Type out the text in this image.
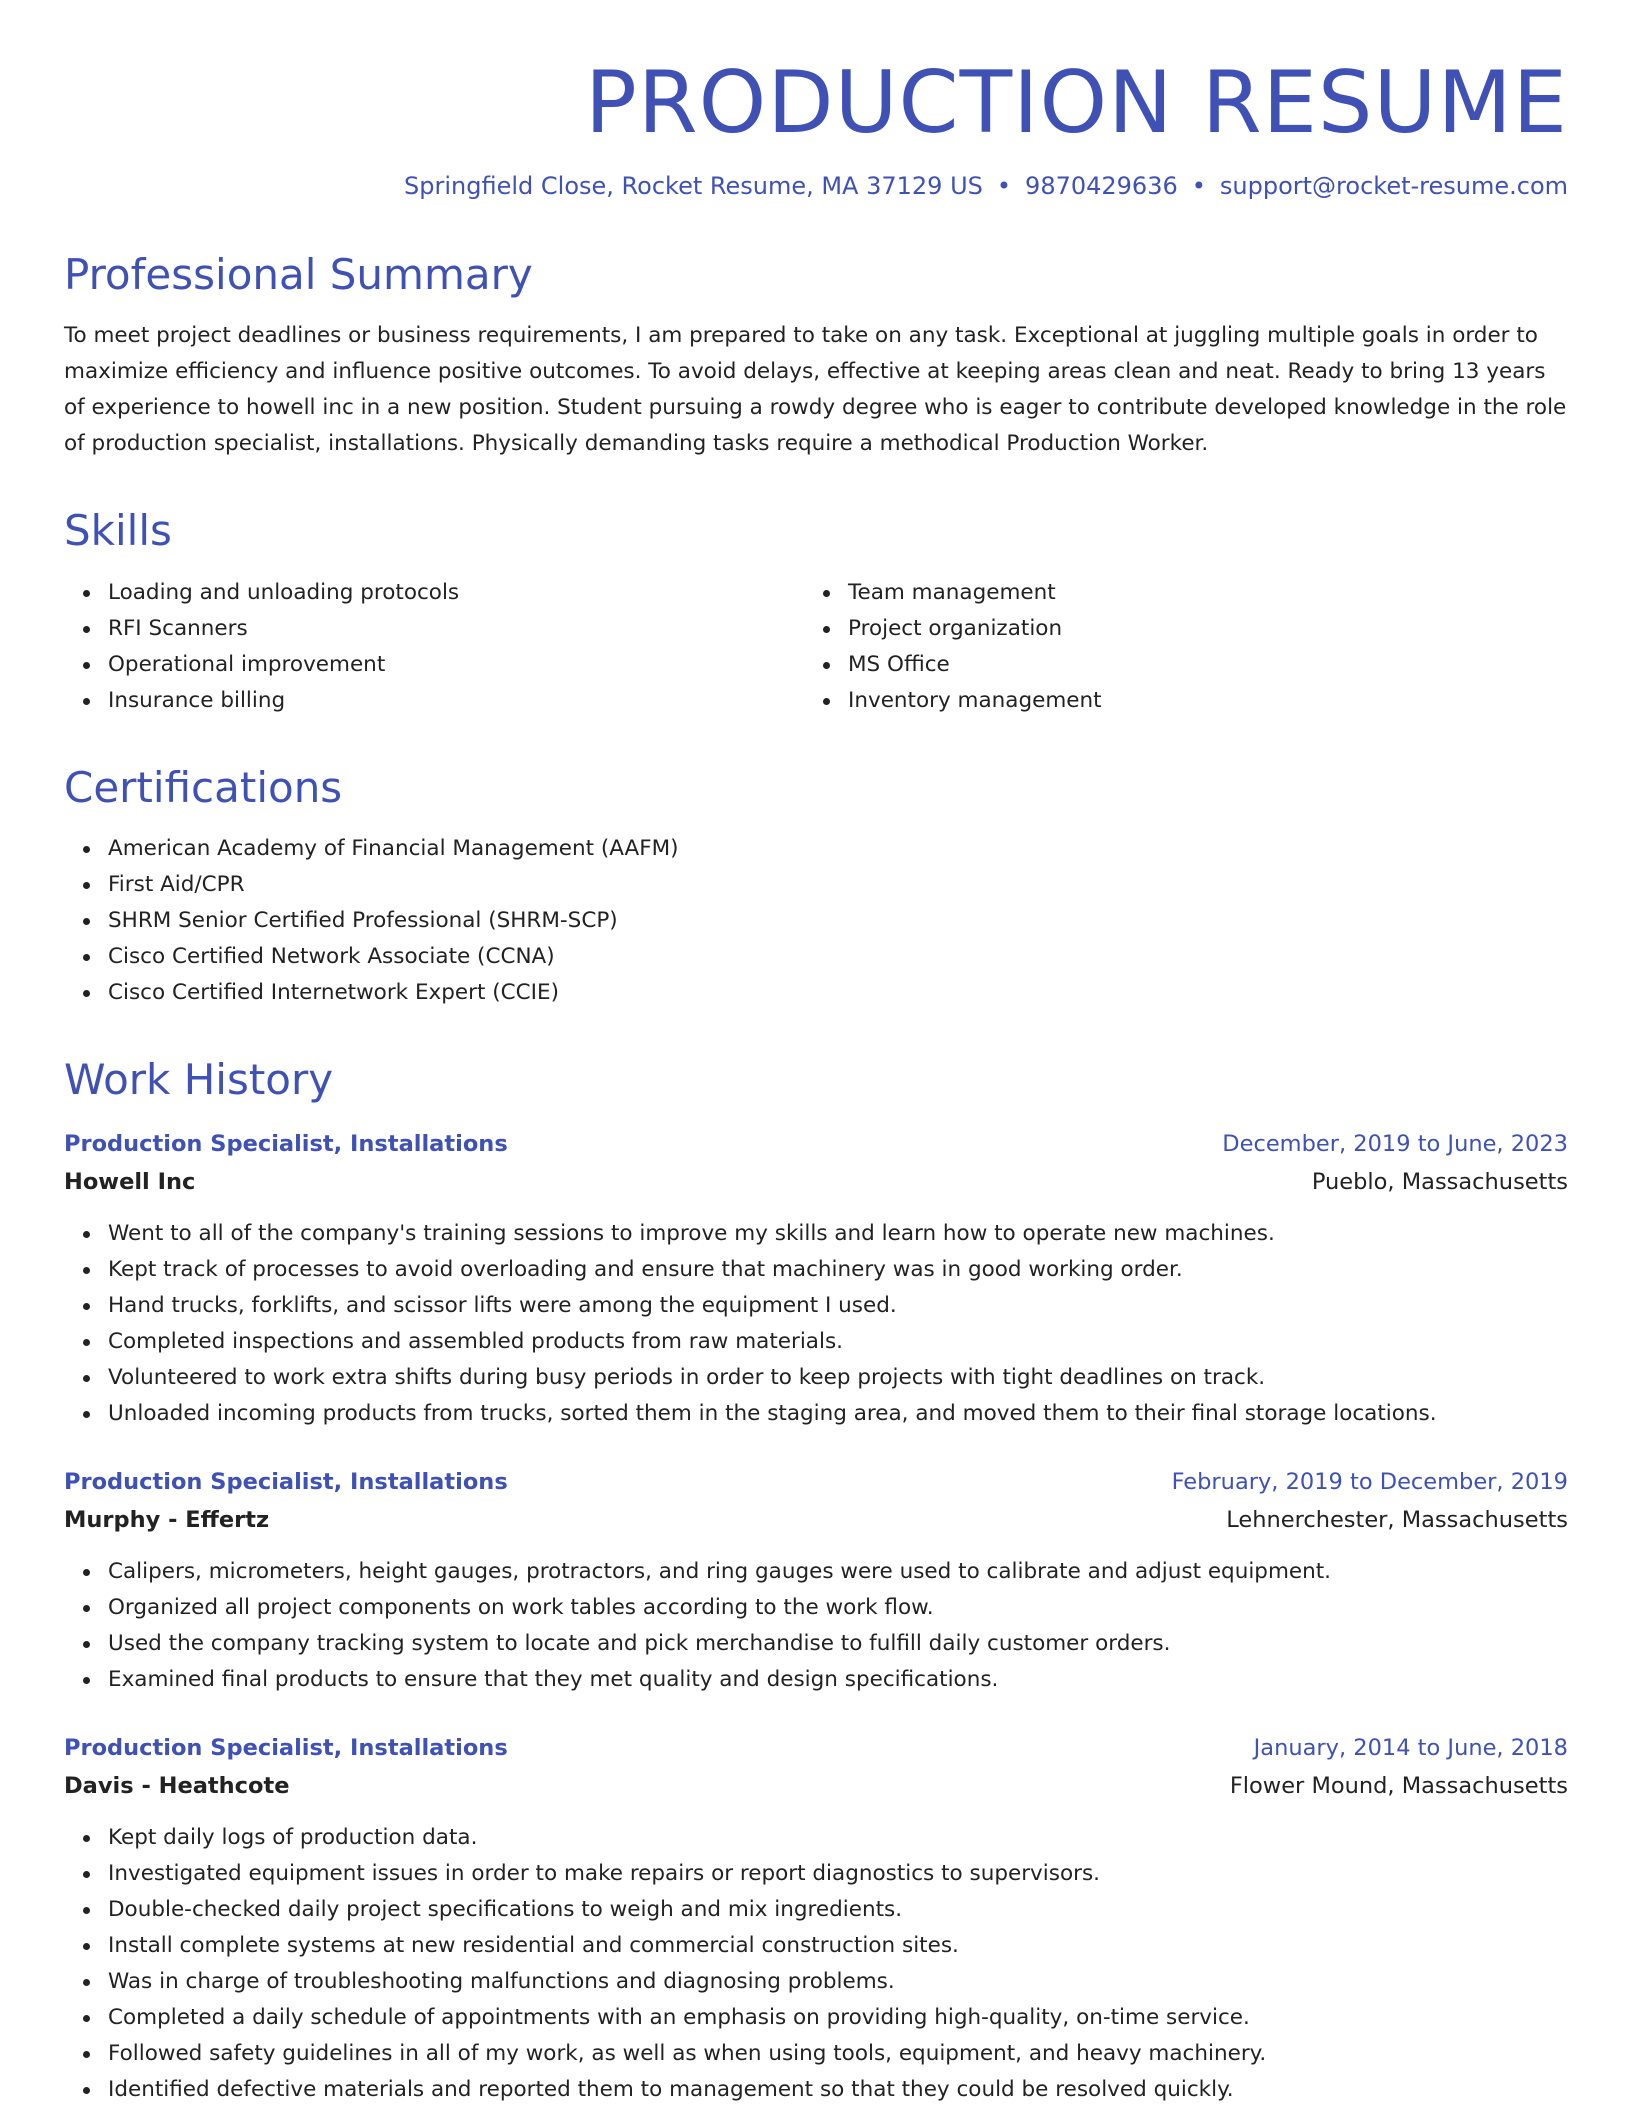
PRODUCTION RESUME
Springfield Close, Rocket Resume, MA 37129 US • 9870429636 • support@rocket-resume.com
Professional Summary

To meet project deadlines or business requirements, I am prepared to take on any task. Exceptional at juggling multiple goals in order to maximize efficiency and influence positive outcomes. To avoid delays, effective at keeping areas clean and neat. Ready to bring 13 years of experience to howell inc in a new position. Student pursuing a rowdy degree who is eager to contribute developed knowledge in the role of production specialist, installations. Physically demanding tasks require a methodical Production Worker.

Skills
Loading and unloading protocols
RFI Scanners
Operational improvement
Insurance billing
Team management
Project organization
MS Office
Inventory management
Certifications
American Academy of Financial Management (AAFM)
First Aid/CPR
SHRM Senior Certified Professional (SHRM-SCP)
Cisco Certified Network Associate (CCNA)
Cisco Certified Internetwork Expert (CCIE)
Work History
Production Specialist, Installations	December, 2019 to June, 2023
Howell Inc	Pueblo, Massachusetts
Went to all of the company's training sessions to improve my skills and learn how to operate new machines.
Kept track of processes to avoid overloading and ensure that machinery was in good working order.
Hand trucks, forklifts, and scissor lifts were among the equipment I used.
Completed inspections and assembled products from raw materials.
Volunteered to work extra shifts during busy periods in order to keep projects with tight deadlines on track.
Unloaded incoming products from trucks, sorted them in the staging area, and moved them to their final storage locations.
Production Specialist, Installations	February, 2019 to December, 2019
Murphy - Effertz	Lehnerchester, Massachusetts
Calipers, micrometers, height gauges, protractors, and ring gauges were used to calibrate and adjust equipment.
Organized all project components on work tables according to the work flow.
Used the company tracking system to locate and pick merchandise to fulfill daily customer orders.
Examined final products to ensure that they met quality and design specifications.
Production Specialist, Installations	January, 2014 to June, 2018
Davis - Heathcote	Flower Mound, Massachusetts
Kept daily logs of production data.
Investigated equipment issues in order to make repairs or report diagnostics to supervisors.
Double-checked daily project specifications to weigh and mix ingredients.
Install complete systems at new residential and commercial construction sites.
Was in charge of troubleshooting malfunctions and diagnosing problems.
Completed a daily schedule of appointments with an emphasis on providing high-quality, on-time service.
Followed safety guidelines in all of my work, as well as when using tools, equipment, and heavy machinery.
Identified defective materials and reported them to management so that they could be resolved quickly.
